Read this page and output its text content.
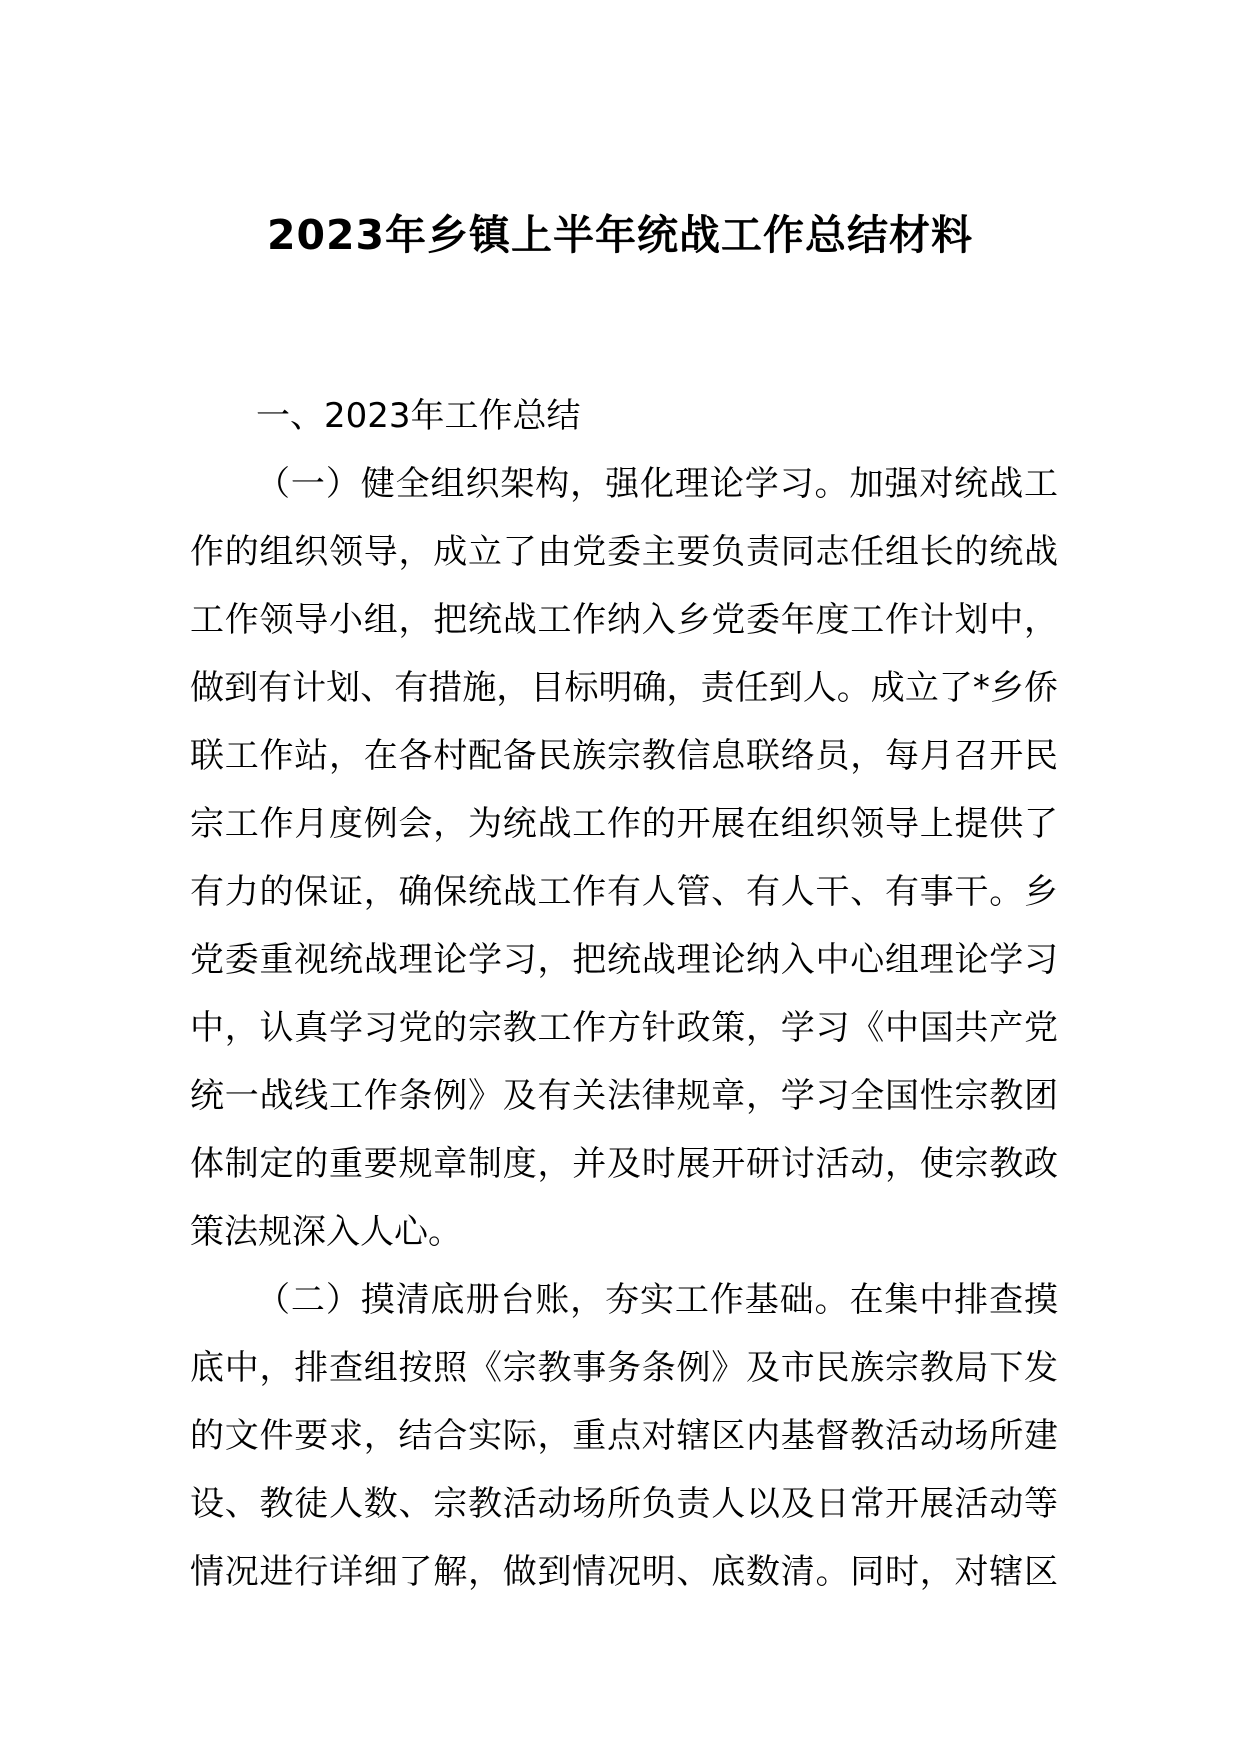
2023年乡镇上半年统战工作总结材料
一、2023年工作总结
（一）健全组织架构，强化理论学习。加强对统战工
作的组织领导，成立了由党委主要负责同志任组长的统战
工作领导小组，把统战工作纳入乡党委年度工作计划中，
做到有计划、有措施，目标明确，责任到人。成立了*乡侨
联工作站，在各村配备民族宗教信息联络员，每月召开民
宗工作月度例会，为统战工作的开展在组织领导上提供了
有力的保证，确保统战工作有人管、有人干、有事干。乡
党委重视统战理论学习，把统战理论纳入中心组理论学习
中，认真学习党的宗教工作方针政策，学习《中国共产党
统一战线工作条例》及有关法律规章，学习全国性宗教团
体制定的重要规章制度，并及时展开研讨活动，使宗教政
策法规深入人心。
（二）摸清底册台账，夯实工作基础。在集中排查摸
底中，排查组按照《宗教事务条例》及市民族宗教局下发
的文件要求，结合实际，重点对辖区内基督教活动场所建
设、教徒人数、宗教活动场所负责人以及日常开展活动等
情况进行详细了解，做到情况明、底数清。同时，对辖区
